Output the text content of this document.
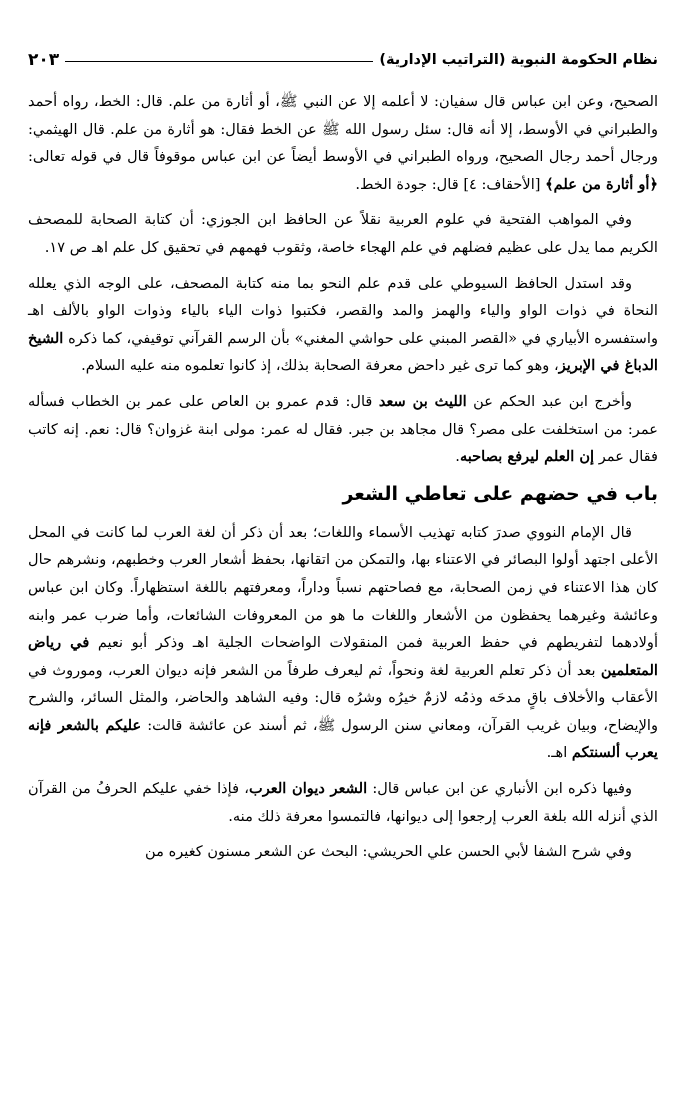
نظام الحكومة النبوية (التراتيب الإدارية)
٢٠٣

الصحيح، وعن ابن عباس قال سفيان: لا أعلمه إلا عن النبي ﷺ، أو أثارة من علم. قال: الخط، رواه أحمد والطبراني في الأوسط، إلا أنه قال: سئل رسول الله ﷺ عن الخط فقال: هو أثارة من علم. قال الهيثمي: ورجال أحمد رجال الصحيح، ورواه الطبراني في الأوسط أيضاً عن ابن عباس موقوفاً قال في قوله تعالى: ﴿أو أثارة من علم﴾ [الأحقاف: ٤] قال: جودة الخط.

وفي المواهب الفتحية في علوم العربية نقلاً عن الحافظ ابن الجوزي: أن كتابة الصحابة للمصحف الكريم مما يدل على عظيم فضلهم في علم الهجاء خاصة، وثقوب فهمهم في تحقيق كل علم اهـ ص ١٧.

وقد استدل الحافظ السيوطي على قدم علم النحو بما منه كتابة المصحف، على الوجه الذي يعلله النحاة في ذوات الواو والياء والهمز والمد والقصر، فكتبوا ذوات الياء بالياء وذوات الواو بالألف اهـ واستفسره الأبياري في «القصر المبني على حواشي المغني» بأن الرسم القرآني توقيفي، كما ذكره الشيخ الدباغ في الإبريز، وهو كما ترى غير داحض معرفة الصحابة بذلك، إذ كانوا تعلموه منه عليه السلام.

وأخرج ابن عبد الحكم عن الليث بن سعد قال: قدم عمرو بن العاص على عمر بن الخطاب فسأله عمر: من استخلفت على مصر؟ قال مجاهد بن جبر. فقال له عمر: مولى ابنة غزوان؟ قال: نعم. إنه كاتب فقال عمر إن العلم ليرفع بصاحبه.

باب في حضهم على تعاطي الشعر

قال الإمام النووي صدرَ كتابه تهذيب الأسماء واللغات؛ بعد أن ذكر أن لغة العرب لما كانت في المحل الأعلى اجتهد أولوا البصائر في الاعتناء بها، والتمكن من اتقانها، بحفظ أشعار العرب وخطبهم، ونشرهم حال كان هذا الاعتناء في زمن الصحابة، مع فصاحتهم نسباً وداراً، ومعرفتهم باللغة استظهاراً. وكان ابن عباس وعائشة وغيرهما يحفظون من الأشعار واللغات ما هو من المعروفات الشائعات، وأما ضرب عمر وابنه أولادهما لتفريطهم في حفظ العربية فمن المنقولات الواضحات الجلية اهـ وذكر أبو نعيم في رياض المتعلمين بعد أن ذكر تعلم العربية لغة ونحواً، ثم ليعرف طرفاً من الشعر فإنه ديوان العرب، وموروث في الأعقاب والأخلاف باقٍ مدحَه وذمُه لازمٌ خيرُه وشرُه قال: وفيه الشاهد والحاضر، والمثل السائر، والشرح والإيضاح، وبيان غريب القرآن، ومعاني سنن الرسول ﷺ، ثم أسند عن عائشة قالت: عليكم بالشعر فإنه يعرب ألسنتكم اهـ.

وفيها ذكره ابن الأنباري عن ابن عباس قال: الشعر ديوان العرب، فإذا خفي عليكم الحرفُ من القرآن الذي أنزله الله بلغة العرب إرجعوا إلى ديوانها، فالتمسوا معرفة ذلك منه.

وفي شرح الشفا لأبي الحسن علي الحريشي: البحث عن الشعر مسنون كغيره من
